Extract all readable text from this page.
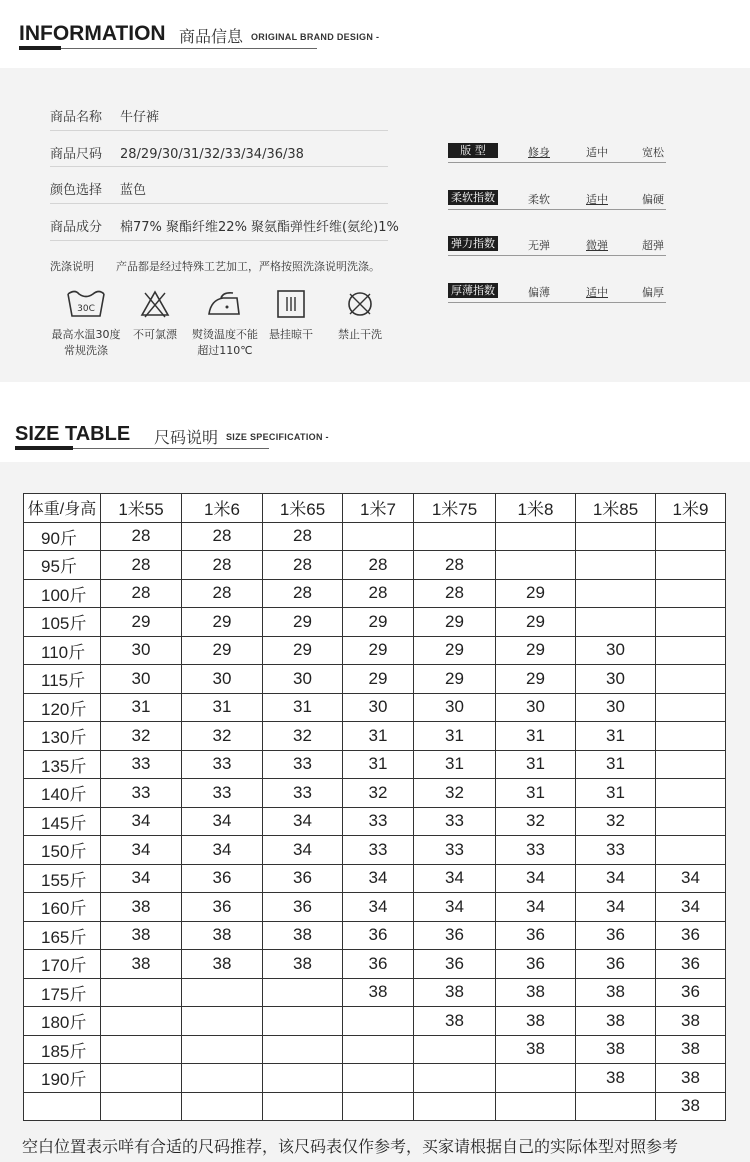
INFORMATION 商品信息 ORIGINAL BRAND DESIGN -
商品名称 牛仔裤
商品尺码 28/29/30/31/32/33/34/36/38
颜色选择 蓝色
商品成分 棉77% 聚酯纤维22% 聚氨酯弹性纤维(氨纶)1%
洗涤说明 产品都是经过特殊工艺加工，严格按照洗涤说明洗涤。
30C
最高水温30度
常规洗涤
不可氯漂	熨烫温度不能
超过110℃
悬挂晾干	禁止干洗
版 型	修身	适中	宽松
柔软指数	柔软	适中	偏硬
弹力指数	无弹	微弹	超弹
厚薄指数	偏薄	适中	偏厚
SIZE TABLE 尺码说明 SIZE SPECIFICATION -
体重/身高	1米55	1米6	1米65	1米7	1米75	1米8	1米85	1米9
90斤	28	28	28					
95斤	28	28	28	28	28			
100斤	28	28	28	28	28	29		
105斤	29	29	29	29	29	29		
110斤	30	29	29	29	29	29	30	
115斤	30	30	30	29	29	29	30	
120斤	31	31	31	30	30	30	30	
130斤	32	32	32	31	31	31	31	
135斤	33	33	33	31	31	31	31	
140斤	33	33	33	32	32	31	31	
145斤	34	34	34	33	33	32	32	
150斤	34	34	34	33	33	33	33	
155斤	34	36	36	34	34	34	34	34
160斤	38	36	36	34	34	34	34	34
165斤	38	38	38	36	36	36	36	36
170斤	38	38	38	36	36	36	36	36
175斤				38	38	38	38	36
180斤					38	38	38	38
185斤						38	38	38
190斤							38	38
								38
空白位置表示咩有合适的尺码推荐，该尺码表仅作参考，买家请根据自己的实际体型对照参考
